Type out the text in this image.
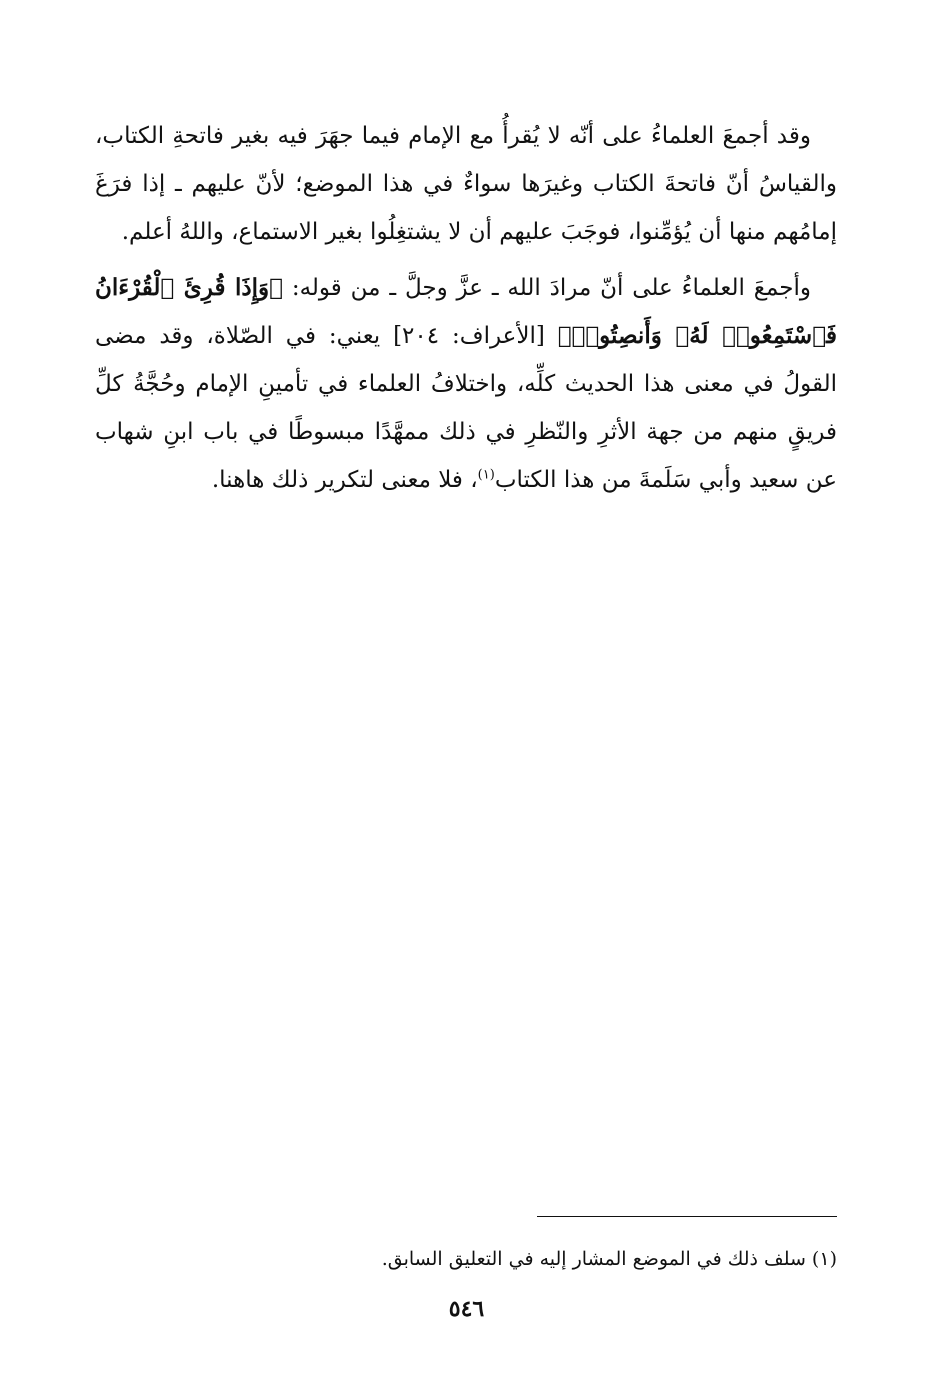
وقد أجمعَ العلماءُ على أنّه لا يُقرأُ مع الإمام فيما جهَرَ فيه بغير فاتحةِ الكتاب، والقياسُ أنّ فاتحةَ الكتاب وغيرَها سواءٌ في هذا الموضع؛ لأنّ عليهم ـ إذا فرَغَ إمامُهم منها أن يُؤمِّنوا، فوجَبَ عليهم أن لا يشتغِلُوا بغير الاستماع، واللهُ أعلم.

وأجمعَ العلماءُ على أنّ مرادَ الله ـ عزَّ وجلَّ ـ من قوله: ﴿وَإِذَا قُرِئَ ٱلْقُرْءَانُ فَٱسْتَمِعُوا۟ لَهُۥ وَأَنصِتُوا۟﴾ [الأعراف: ٢٠٤] يعني: في الصّلاة، وقد مضى القولُ في معنى هذا الحديث كلِّه، واختلافُ العلماء في تأمينِ الإمام وحُجَّةُ كلِّ فريقٍ منهم من جهة الأثرِ والنّظرِ في ذلك ممهَّدًا مبسوطًا في باب ابنِ شهاب عن سعيد وأبي سَلَمةَ من هذا الكتاب$^{(١)}$، فلا معنى لتكرير ذلك هاهنا.

(١) سلف ذلك في الموضع المشار إليه في التعليق السابق.
٥٤٦
